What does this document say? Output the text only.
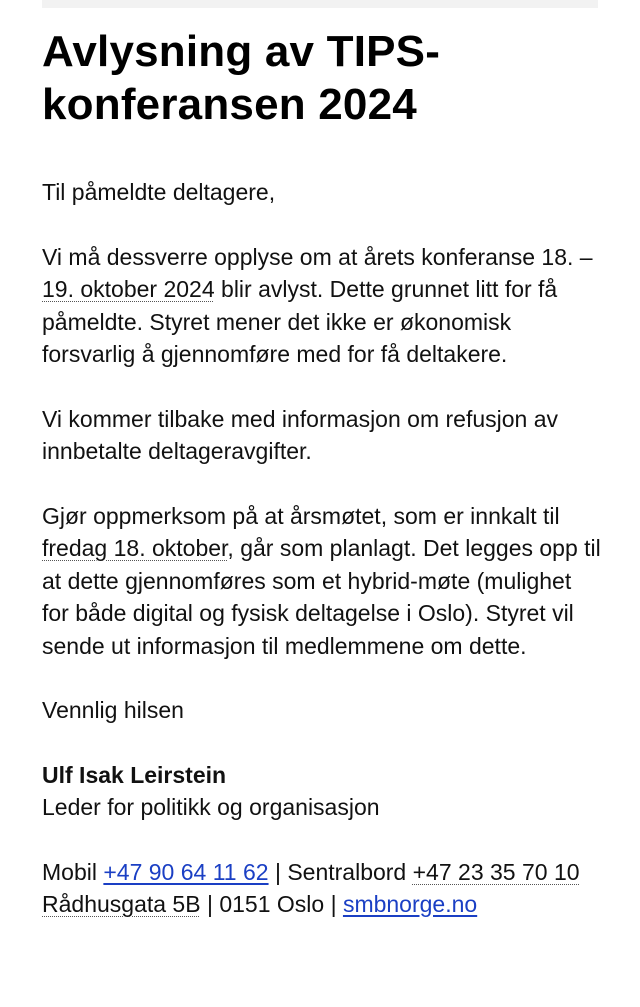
Avlysning av TIPS-konferansen 2024

Til påmeldte deltagere,

Vi må dessverre opplyse om at årets konferanse 18. – 19. oktober 2024 blir avlyst. Dette grunnet litt for få påmeldte. Styret mener det ikke er økonomisk forsvarlig å gjennomføre med for få deltakere.

Vi kommer tilbake med informasjon om refusjon av innbetalte deltageravgifter.

Gjør oppmerksom på at årsmøtet, som er innkalt til fredag 18. oktober, går som planlagt. Det legges opp til at dette gjennomføres som et hybrid-møte (mulighet for både digital og fysisk deltagelse i Oslo). Styret vil sende ut informasjon til medlemmene om dette.

Vennlig hilsen

Ulf Isak Leirstein

Leder for politikk og organisasjon

Mobil +47 90 64 11 62 | Sentralbord +47 23 35 70 10

Rådhusgata 5B | 0151 Oslo | smbnorge.no
